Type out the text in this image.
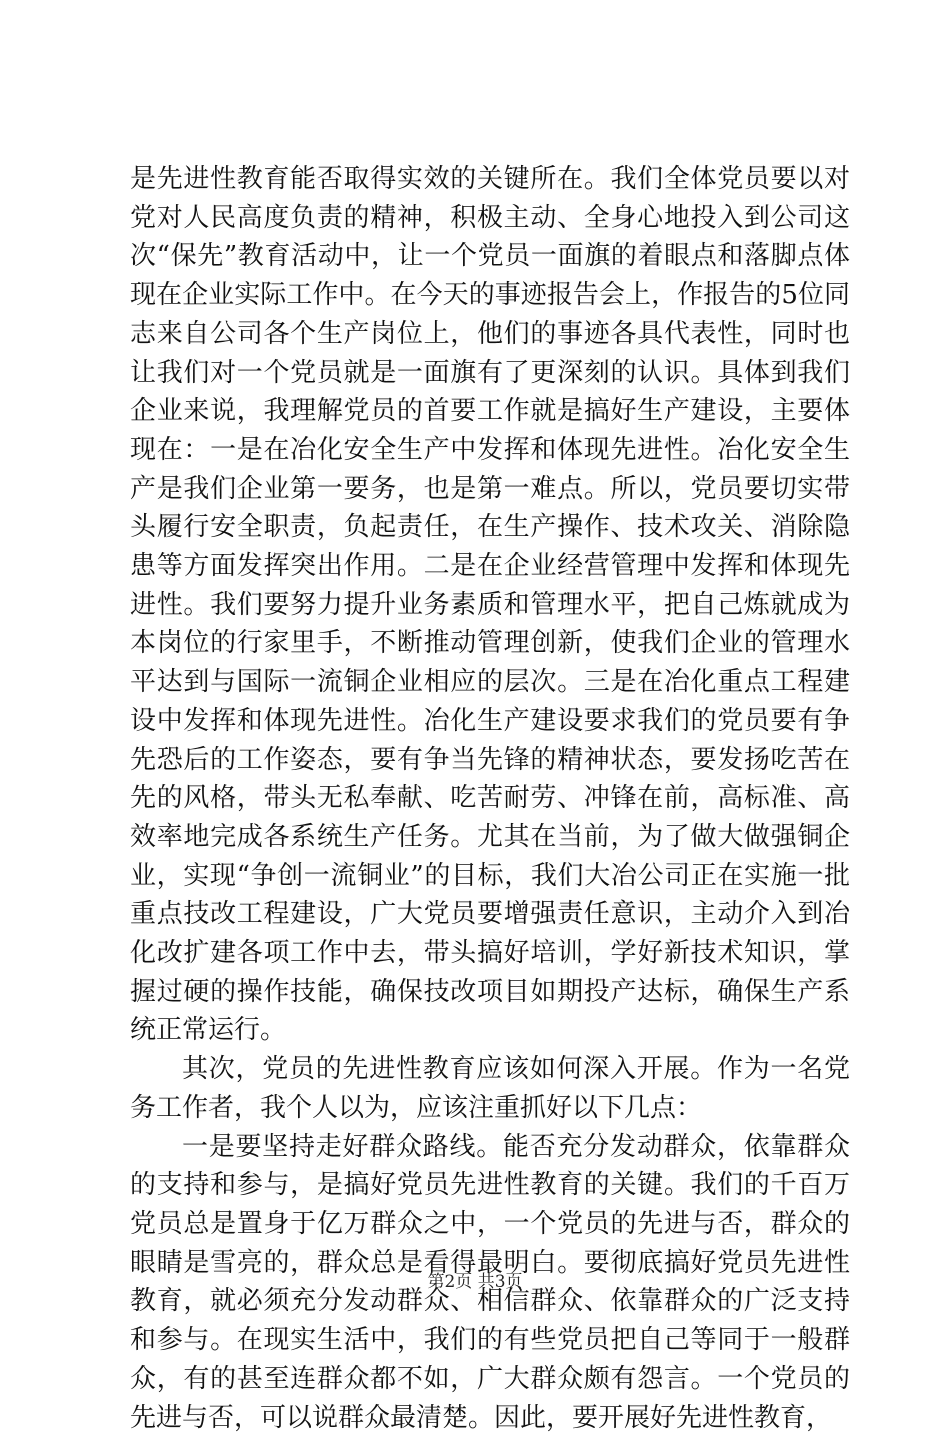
是先进性教育能否取得实效的关键所在。我们全体党员要以对党对人民高度负责的精神，积极主动、全身心地投入到公司这次“保先”教育活动中，让一个党员一面旗的着眼点和落脚点体现在企业实际工作中。在今天的事迹报告会上，作报告的5位同志来自公司各个生产岗位上，他们的事迹各具代表性，同时也让我们对一个党员就是一面旗有了更深刻的认识。具体到我们企业来说，我理解党员的首要工作就是搞好生产建设，主要体现在：一是在冶化安全生产中发挥和体现先进性。冶化安全生产是我们企业第一要务，也是第一难点。所以，党员要切实带头履行安全职责，负起责任，在生产操作、技术攻关、消除隐患等方面发挥突出作用。二是在企业经营管理中发挥和体现先进性。我们要努力提升业务素质和管理水平，把自己炼就成为本岗位的行家里手，不断推动管理创新，使我们企业的管理水平达到与国际一流铜企业相应的层次。三是在冶化重点工程建设中发挥和体现先进性。冶化生产建设要求我们的党员要有争先恐后的工作姿态，要有争当先锋的精神状态，要发扬吃苦在先的风格，带头无私奉献、吃苦耐劳、冲锋在前，高标准、高效率地完成各系统生产任务。尤其在当前，为了做大做强铜企业，实现“争创一流铜业”的目标，我们大冶公司正在实施一批重点技改工程建设，广大党员要增强责任意识，主动介入到冶化改扩建各项工作中去，带头搞好培训，学好新技术知识，掌握过硬的操作技能，确保技改项目如期投产达标，确保生产系统正常运行。

其次，党员的先进性教育应该如何深入开展。作为一名党务工作者，我个人以为，应该注重抓好以下几点：

一是要坚持走好群众路线。能否充分发动群众，依靠群众的支持和参与，是搞好党员先进性教育的关键。我们的千百万党员总是置身于亿万群众之中，一个党员的先进与否，群众的眼睛是雪亮的，群众总是看得最明白。要彻底搞好党员先进性教育，就必须充分发动群众、相信群众、依靠群众的广泛支持和参与。在现实生活中，我们的有些党员把自己等同于一般群众，有的甚至连群众都不如，广大群众颇有怨言。一个党员的先进与否，可以说群众最清楚。因此，要开展好先进性教育，

第2页 共3页
